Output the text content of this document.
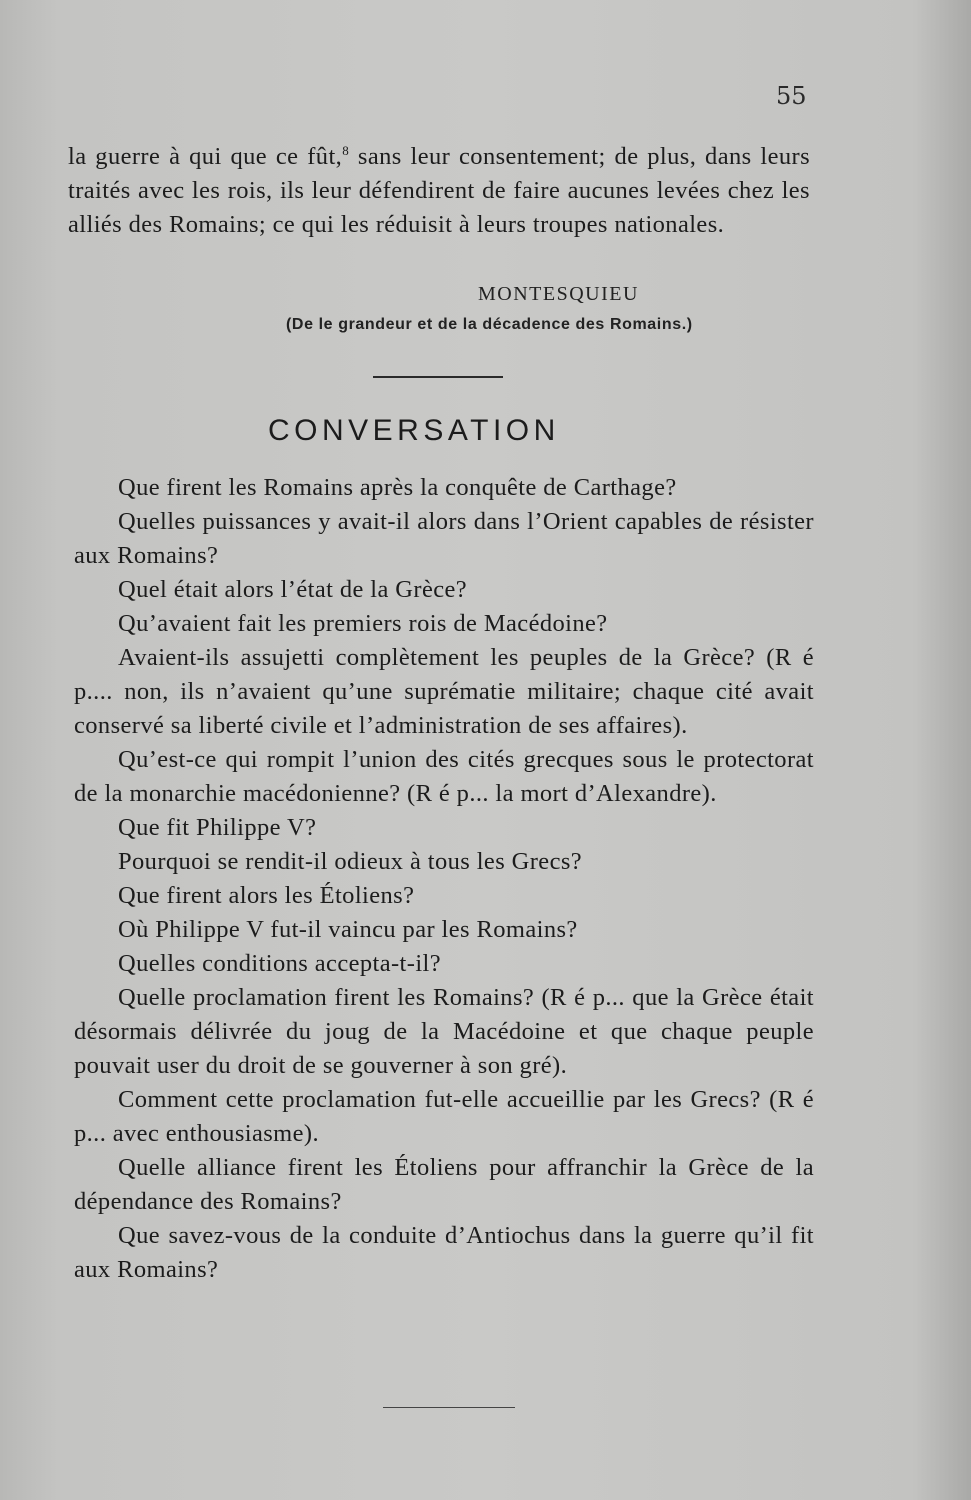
55

la guerre à qui que ce fût,$^8$ sans leur consentement; de plus, dans leurs traités avec les rois, ils leur défendirent de faire aucunes levées chez les alliés des Romains; ce qui les réduisit à leurs troupes nationales.

MONTESQUIEU
(De le grandeur et de la décadence des Romains.)
CONVERSATION

Que firent les Romains après la conquête de Carthage?

Quelles puissances y avait-il alors dans l’Orient capables de résister aux Romains?

Quel était alors l’état de la Grèce?

Qu’avaient fait les premiers rois de Macédoine?

Avaient-ils assujetti complètement les peuples de la Grèce? (R é p.... non, ils n’avaient qu’une suprématie militaire; chaque cité avait conservé sa liberté civile et l’administration de ses affaires).

Qu’est-ce qui rompit l’union des cités grecques sous le protectorat de la monarchie macédonienne? (R é p... la mort d’Alexandre).

Que fit Philippe V?

Pourquoi se rendit-il odieux à tous les Grecs?

Que firent alors les Étoliens?

Où Philippe V fut-il vaincu par les Romains?

Quelles conditions accepta-t-il?

Quelle proclamation firent les Romains? (R é p... que la Grèce était désormais délivrée du joug de la Macédoine et que chaque peuple pouvait user du droit de se gouverner à son gré).

Comment cette proclamation fut-elle accueillie par les Grecs? (R é p... avec enthousiasme).

Quelle alliance firent les Étoliens pour affranchir la Grèce de la dépendance des Romains?

Que savez-vous de la conduite d’Antiochus dans la guerre qu’il fit aux Romains?
